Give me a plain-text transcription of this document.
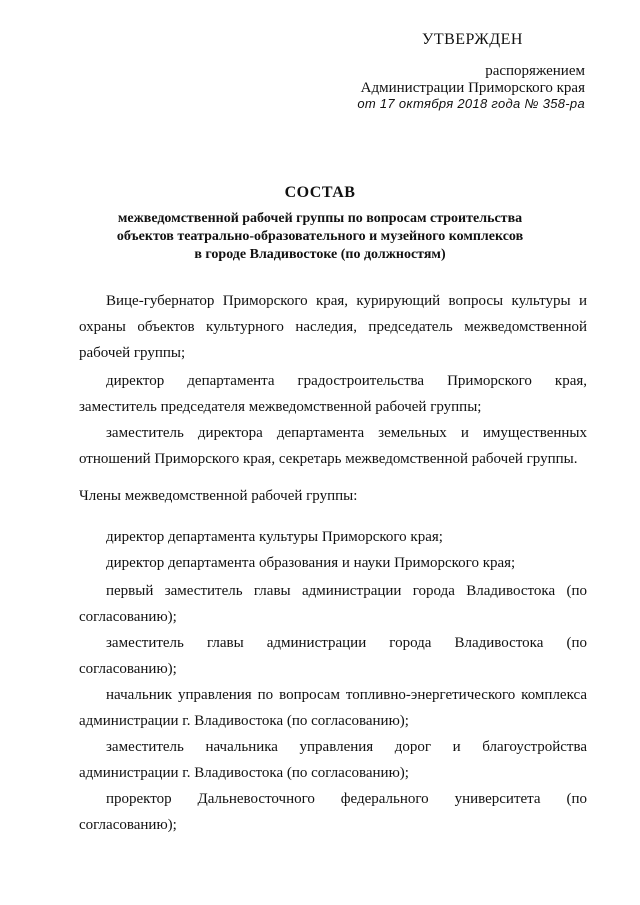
УТВЕРЖДЕН
распоряжением
Администрации Приморского края
от 17 октября 2018 года № 358-ра
СОСТАВ
межведомственной рабочей группы по вопросам строительства
объектов театрально-образовательного и музейного комплексов
в городе Владивостоке (по должностям)

Вице-губернатор Приморского края, курирующий вопросы культуры и охраны объектов культурного наследия, председатель межведомственной рабочей группы;

директор департамента градостроительства Приморского края, заместитель председателя межведомственной рабочей группы;

заместитель директора департамента земельных и имущественных отношений Приморского края, секретарь межведомственной рабочей группы.

Члены межведомственной рабочей группы:

директор департамента культуры Приморского края;

директор департамента образования и науки Приморского края;

первый заместитель главы администрации города Владивостока (по согласованию);

заместитель главы администрации города Владивостока (по согласованию);

начальник управления по вопросам топливно-энергетического комплекса администрации г. Владивостока (по согласованию);

заместитель начальника управления дорог и благоустройства администрации г. Владивостока (по согласованию);

проректор Дальневосточного федерального университета (по согласованию);
